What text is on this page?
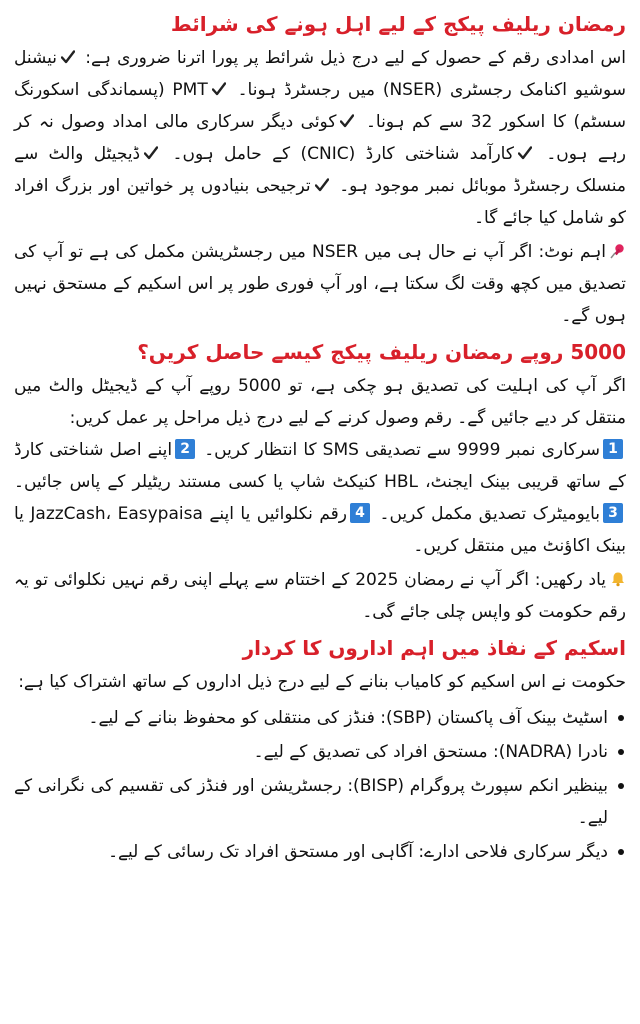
رمضان ریلیف پیکج کے لیے اہل ہونے کی شرائط

اس امدادی رقم کے حصول کے لیے درج ذیل شرائط پر پورا اترنا ضروری ہے: نیشنل سوشیو اکنامک رجسٹری (NSER) میں رجسٹرڈ ہونا۔ PMT (پسماندگی اسکورنگ سسٹم) کا اسکور 32 سے کم ہونا۔ کوئی دیگر سرکاری مالی امداد وصول نہ کر رہے ہوں۔ کارآمد شناختی کارڈ (CNIC) کے حامل ہوں۔ ڈیجیٹل والٹ سے منسلک رجسٹرڈ موبائل نمبر موجود ہو۔ ترجیحی بنیادوں پر خواتین اور بزرگ افراد کو شامل کیا جائے گا۔

اہم نوٹ: اگر آپ نے حال ہی میں NSER میں رجسٹریشن مکمل کی ہے تو آپ کی تصدیق میں کچھ وقت لگ سکتا ہے، اور آپ فوری طور پر اس اسکیم کے مستحق نہیں ہوں گے۔

5000 روپے رمضان ریلیف پیکج کیسے حاصل کریں؟

اگر آپ کی اہلیت کی تصدیق ہو چکی ہے، تو 5000 روپے آپ کے ڈیجیٹل والٹ میں منتقل کر دیے جائیں گے۔ رقم وصول کرنے کے لیے درج ذیل مراحل پر عمل کریں:

1سرکاری نمبر 9999 سے تصدیقی SMS کا انتظار کریں۔ 2اپنے اصل شناختی کارڈ کے ساتھ قریبی بینک ایجنٹ، HBL کنیکٹ شاپ یا کسی مستند ریٹیلر کے پاس جائیں۔ 3بایومیٹرک تصدیق مکمل کریں۔ 4رقم نکلوائیں یا اپنے JazzCash، Easypaisa یا بینک اکاؤنٹ میں منتقل کریں۔

یاد رکھیں: اگر آپ نے رمضان 2025 کے اختتام سے پہلے اپنی رقم نہیں نکلوائی تو یہ رقم حکومت کو واپس چلی جائے گی۔

اسکیم کے نفاذ میں اہم اداروں کا کردار

حکومت نے اس اسکیم کو کامیاب بنانے کے لیے درج ذیل اداروں کے ساتھ اشتراک کیا ہے:

اسٹیٹ بینک آف پاکستان (SBP): فنڈز کی منتقلی کو محفوظ بنانے کے لیے۔
نادرا (NADRA): مستحق افراد کی تصدیق کے لیے۔
بینظیر انکم سپورٹ پروگرام (BISP): رجسٹریشن اور فنڈز کی تقسیم کی نگرانی کے لیے۔
دیگر سرکاری فلاحی ادارے: آگاہی اور مستحق افراد تک رسائی کے لیے۔
